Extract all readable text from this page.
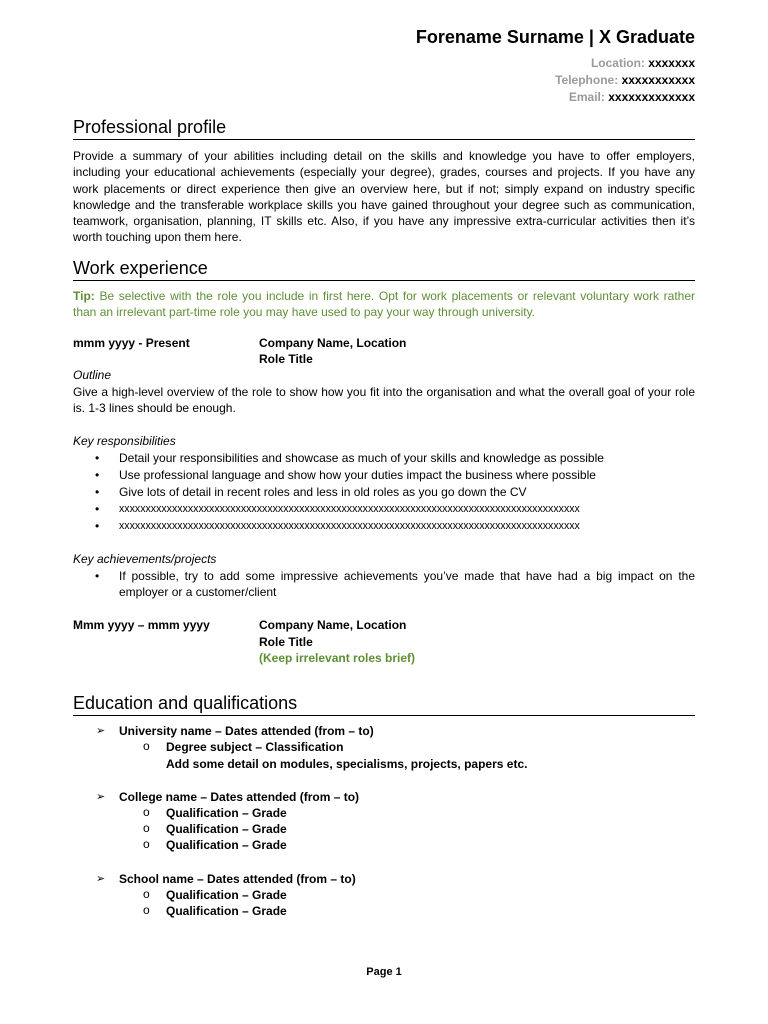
Forename Surname | X Graduate
Location: xxxxxxx
Telephone: xxxxxxxxxxx
Email: xxxxxxxxxxxxx
Professional profile
Provide a summary of your abilities including detail on the skills and knowledge you have to offer employers, including your educational achievements (especially your degree), grades, courses and projects. If you have any work placements or direct experience then give an overview here, but if not; simply expand on industry specific knowledge and the transferable workplace skills you have gained throughout your degree such as communication, teamwork, organisation, planning, IT skills etc. Also, if you have any impressive extra-curricular activities then it’s worth touching upon them here.
Work experience
Tip: Be selective with the role you include in first here. Opt for work placements or relevant voluntary work rather than an irrelevant part-time role you may have used to pay your way through university.
mmm yyyy - Present	Company Name, Location
Role Title
Outline
Give a high-level overview of the role to show how you fit into the organisation and what the overall goal of your role is. 1-3 lines should be enough.
Key responsibilities
• Detail your responsibilities and showcase as much of your skills and knowledge as possible
• Use professional language and show how your duties impact the business where possible
• Give lots of detail in recent roles and less in old roles as you go down the CV
• xxxxxxxxxxxxxxxxxxxxxxxxxxxxxxxxxxxxxxxxxxxxxxxxxxxxxxxxxxxxxxxxxxxxxxxxxxxxxxxxxxxxxxx
• xxxxxxxxxxxxxxxxxxxxxxxxxxxxxxxxxxxxxxxxxxxxxxxxxxxxxxxxxxxxxxxxxxxxxxxxxxxxxxxxxxxxxxx
Key achievements/projects
• If possible, try to add some impressive achievements you’ve made that have had a big impact on the employer or a customer/client
Mmm yyyy – mmm yyyy	Company Name, Location
Role Title
(Keep irrelevant roles brief)
Education and qualifications
➢ University name – Dates attended (from – to)
o Degree subject – Classification
Add some detail on modules, specialisms, projects, papers etc.
➢ College name – Dates attended (from – to)
o Qualification – Grade
o Qualification – Grade
o Qualification – Grade
➢ School name – Dates attended (from – to)
o Qualification – Grade
o Qualification – Grade
Page 1
